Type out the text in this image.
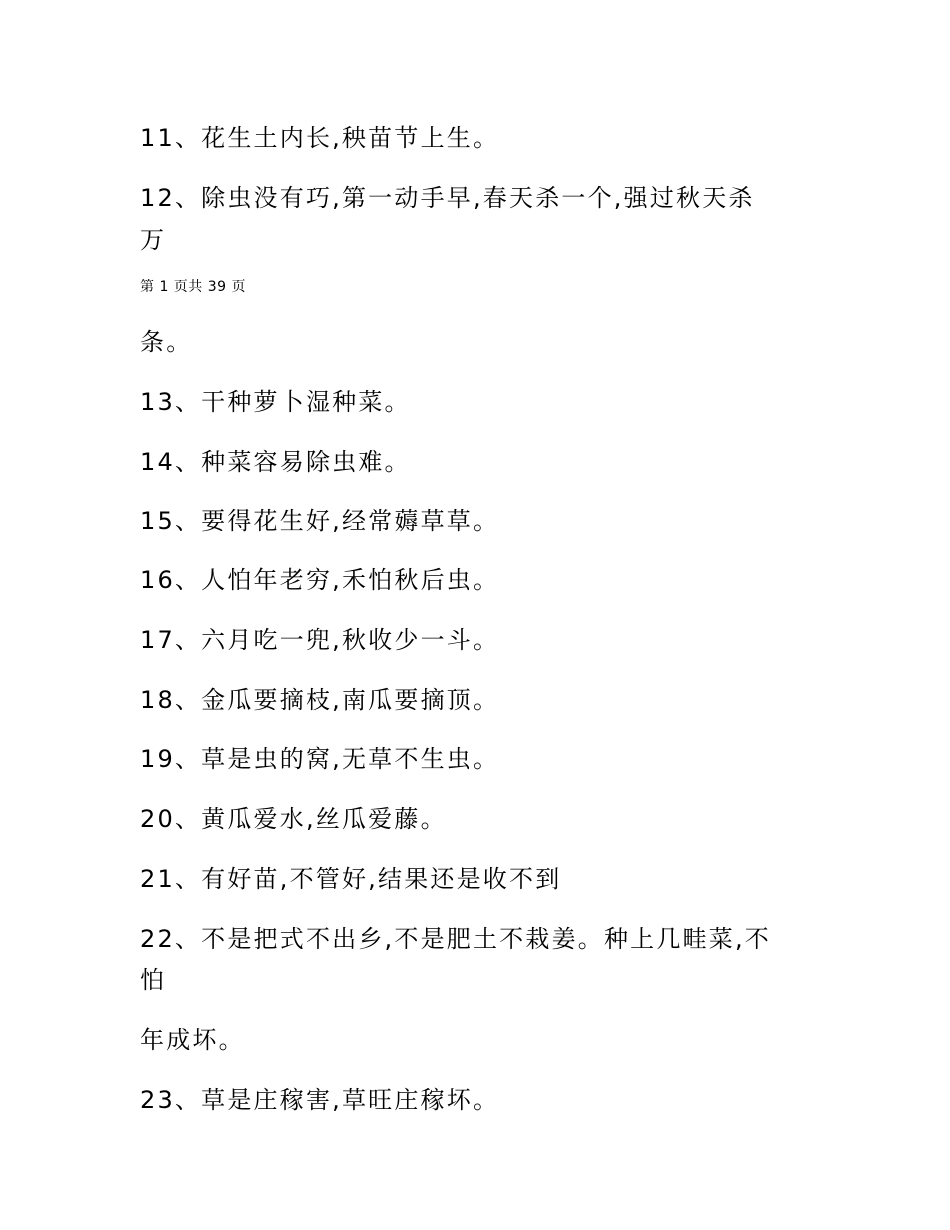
11、花生土内长,秧苗节上生。

12、除虫没有巧,第一动手早,春天杀一个,强过秋天杀

万

第 1 页共 39 页

条。

13、干种萝卜湿种菜。

14、种菜容易除虫难。

15、要得花生好,经常薅草草。

16、人怕年老穷,禾怕秋后虫。

17、六月吃一兜,秋收少一斗。

18、金瓜要摘枝,南瓜要摘顶。

19、草是虫的窝,无草不生虫。

20、黄瓜爱水,丝瓜爱藤。

21、有好苗,不管好,结果还是收不到

22、不是把式不出乡,不是肥土不栽姜。种上几畦菜,不

怕

年成坏。

23、草是庄稼害,草旺庄稼坏。
